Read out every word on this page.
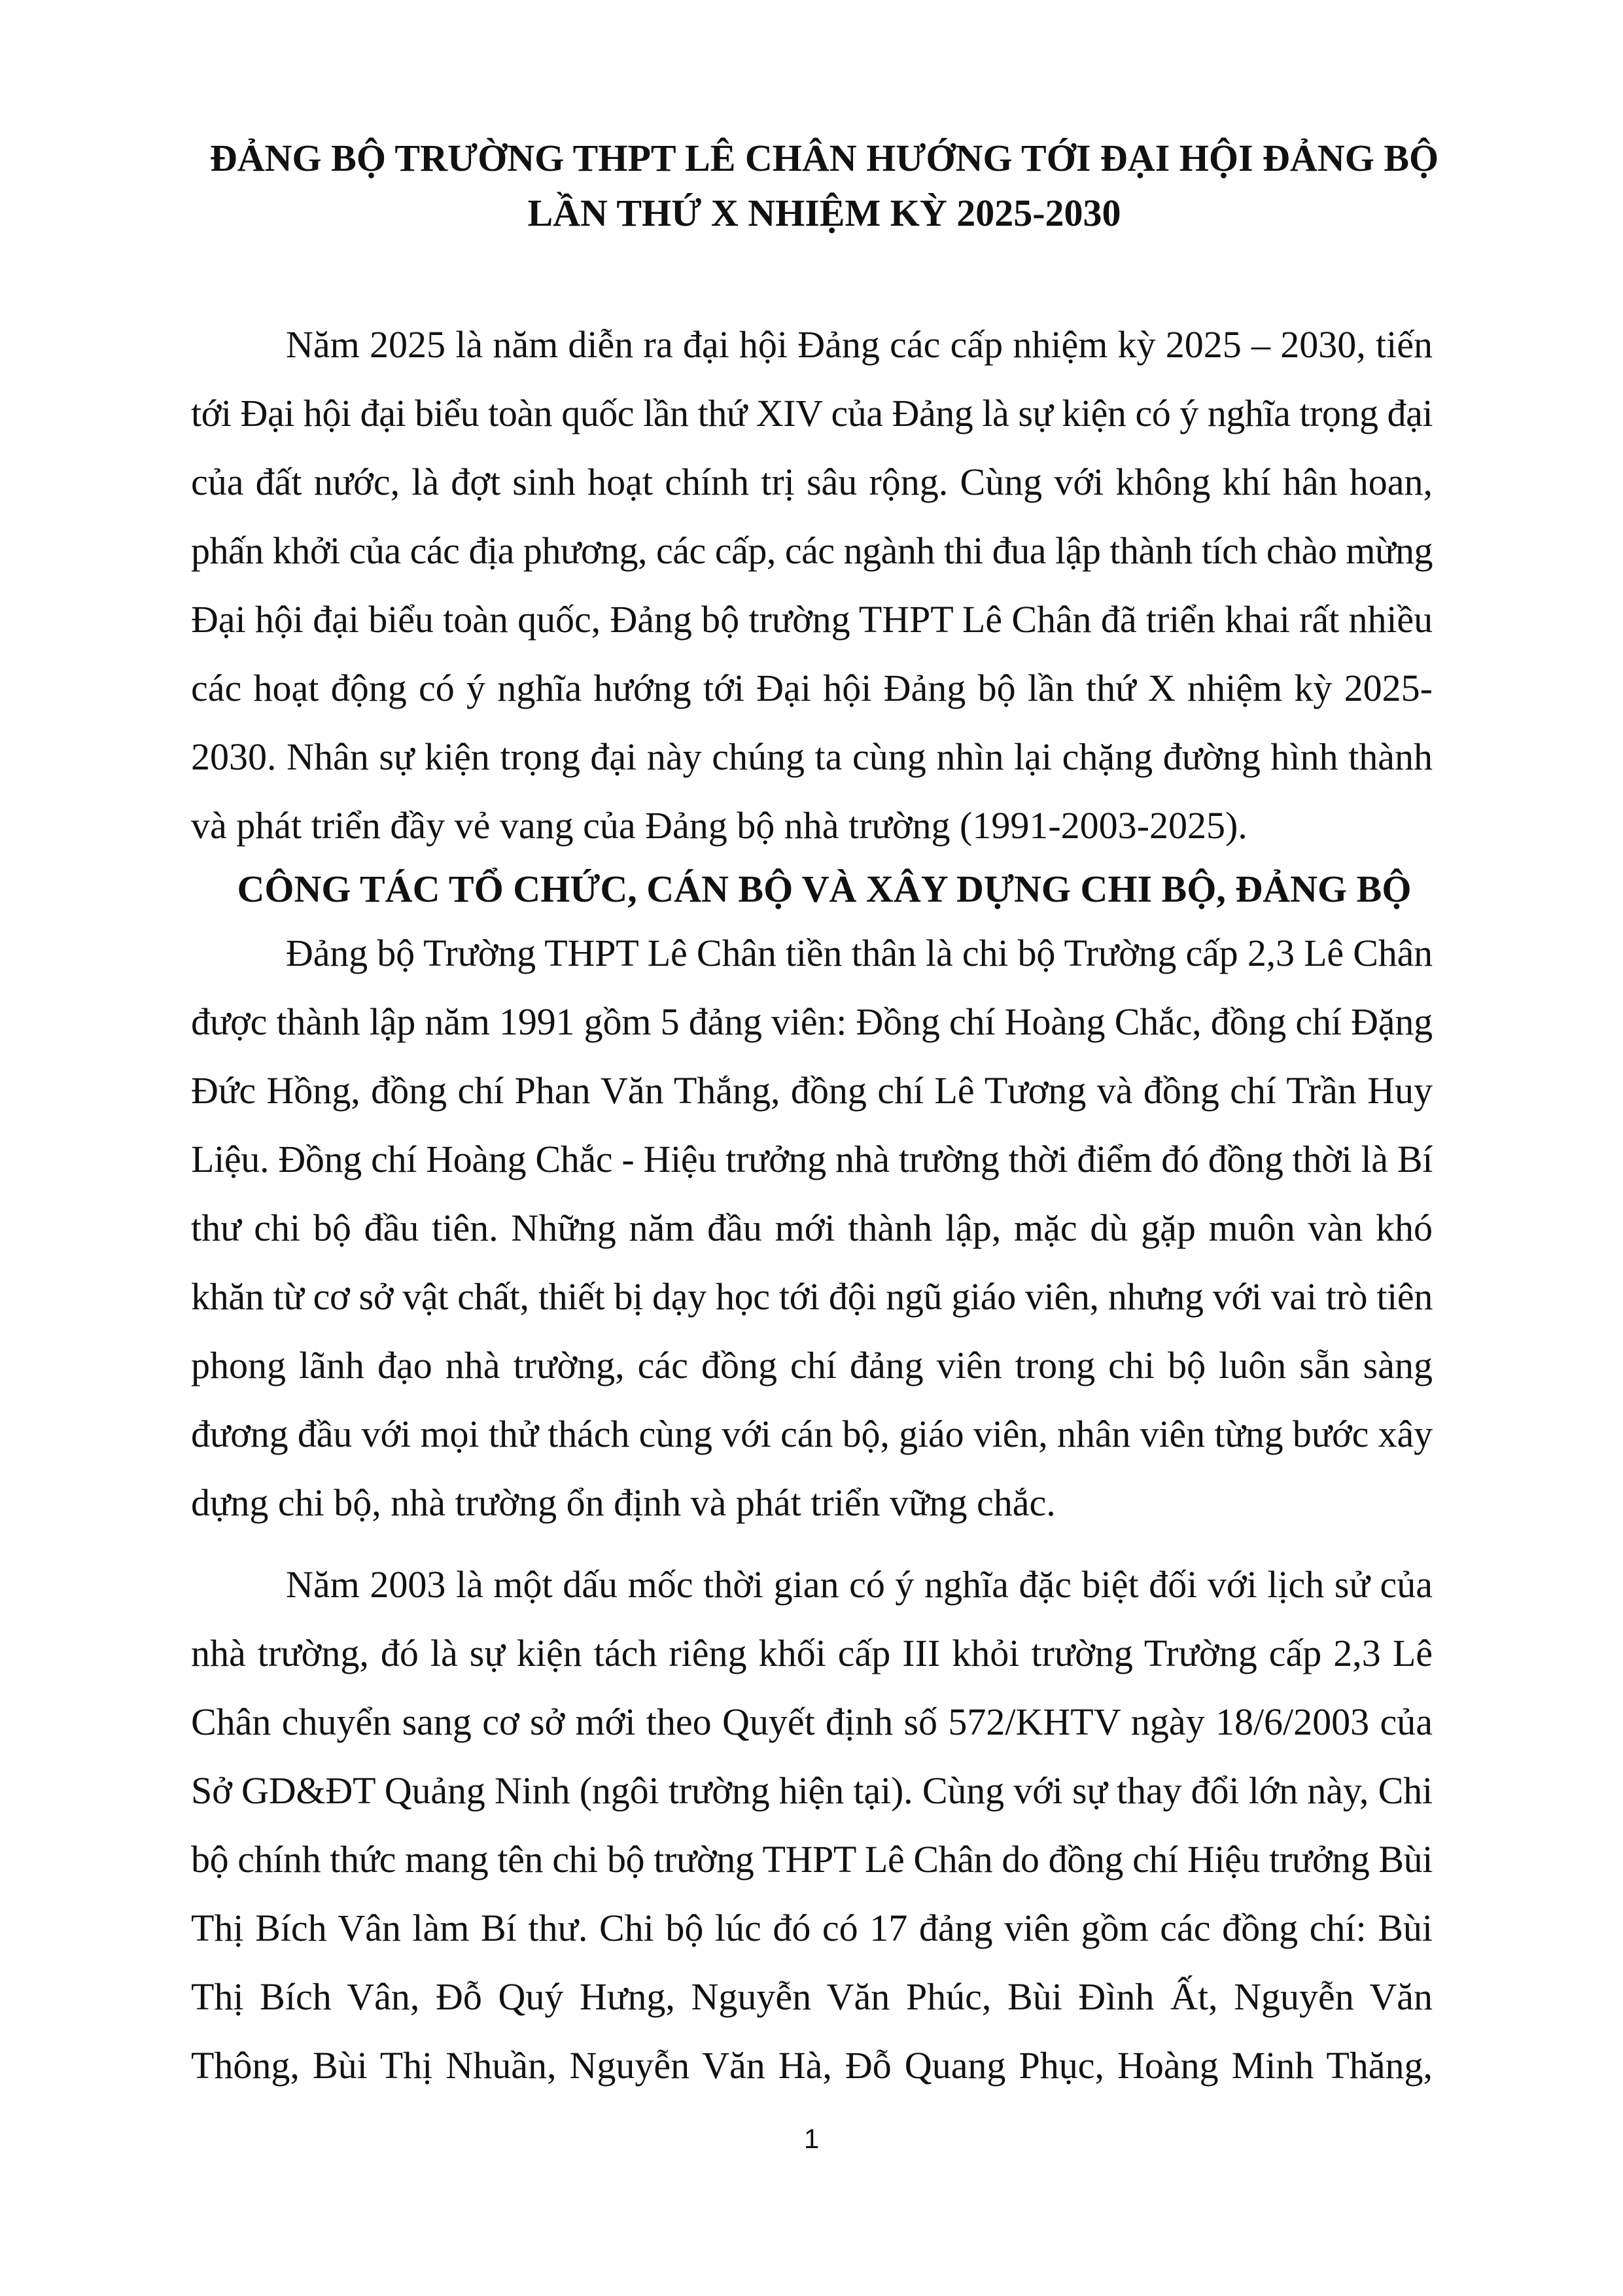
ĐẢNG BỘ TRƯỜNG THPT LÊ CHÂN HƯỚNG TỚI ĐẠI HỘI ĐẢNG BỘ
LẦN THỨ X NHIỆM KỲ 2025-2030

Năm 2025 là năm diễn ra đại hội Đảng các cấp nhiệm kỳ 2025 – 2030, tiến

tới Đại hội đại biểu toàn quốc lần thứ XIV của Đảng là sự kiện có ý nghĩa trọng đại

của đất nước, là đợt sinh hoạt chính trị sâu rộng. Cùng với không khí hân hoan,

phấn khởi của các địa phương, các cấp, các ngành thi đua lập thành tích chào mừng

Đại hội đại biểu toàn quốc, Đảng bộ trường THPT Lê Chân đã triển khai rất nhiều

các hoạt động có ý nghĩa hướng tới Đại hội Đảng bộ lần thứ X nhiệm kỳ 2025-

2030. Nhân sự kiện trọng đại này chúng ta cùng nhìn lại chặng đường hình thành

và phát triển đầy vẻ vang của Đảng bộ nhà trường (1991-2003-2025).

CÔNG TÁC TỔ CHỨC, CÁN BỘ VÀ XÂY DỰNG CHI BỘ, ĐẢNG BỘ

Đảng bộ Trường THPT Lê Chân tiền thân là chi bộ Trường cấp 2,3 Lê Chân

được thành lập năm 1991 gồm 5 đảng viên: Đồng chí Hoàng Chắc, đồng chí Đặng

Đức Hồng, đồng chí Phan Văn Thắng, đồng chí Lê Tương và đồng chí Trần Huy

Liệu. Đồng chí Hoàng Chắc - Hiệu trưởng nhà trường thời điểm đó đồng thời là Bí

thư chi bộ đầu tiên. Những năm đầu mới thành lập, mặc dù gặp muôn vàn khó

khăn từ cơ sở vật chất, thiết bị dạy học tới đội ngũ giáo viên, nhưng với vai trò tiên

phong lãnh đạo nhà trường, các đồng chí đảng viên trong chi bộ luôn sẵn sàng

đương đầu với mọi thử thách cùng với cán bộ, giáo viên, nhân viên từng bước xây

dựng chi bộ, nhà trường ổn định và phát triển vững chắc.

Năm 2003 là một dấu mốc thời gian có ý nghĩa đặc biệt đối với lịch sử của

nhà trường, đó là sự kiện tách riêng khối cấp III khỏi trường Trường cấp 2,3 Lê

Chân chuyển sang cơ sở mới theo Quyết định số 572/KHTV ngày 18/6/2003 của

Sở GD&ĐT Quảng Ninh (ngôi trường hiện tại). Cùng với sự thay đổi lớn này, Chi

bộ chính thức mang tên chi bộ trường THPT Lê Chân do đồng chí Hiệu trưởng Bùi

Thị Bích Vân làm Bí thư. Chi bộ lúc đó có 17 đảng viên gồm các đồng chí: Bùi

Thị Bích Vân, Đỗ Quý Hưng, Nguyễn Văn Phúc, Bùi Đình Ất, Nguyễn Văn

Thông, Bùi Thị Nhuần, Nguyễn Văn Hà, Đỗ Quang Phục, Hoàng Minh Thăng,

1
